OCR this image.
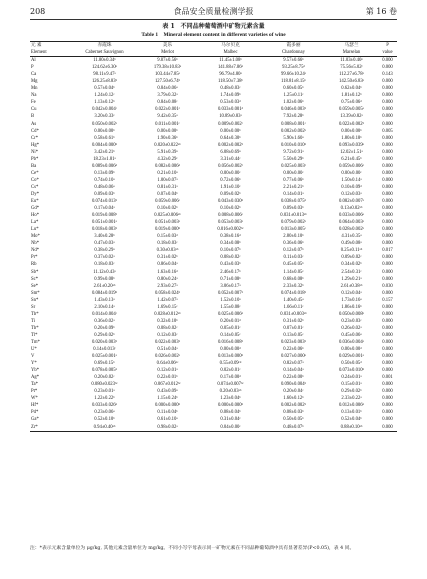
208	食品安全质量检测学报	第 16 卷
表 1　不同品种葡萄酒中矿物元素含量
Table 1　Mineral element content in different varieties of wine
元 素	赤霞珠	美乐	马尔贝克	霞多丽	马瑟兰	P
Element	Cabernet Sauvignon	Merlot	Malbec	Chardonnay	Marselan	value
Al	11.80±0.34ᵇ	9.87±0.56ᵇ	11.45±1.08ᵇ	9.57±0.66ᵇ	11.03±0.46ᵇ	0.000
P	124.62±6.30ᵃ	179.38±10.83ᵃ	141.88±7.86ᵇ	93.25±8.75ᵈ	75.56±5.02ᵉ	0.000
Ca	98.11±9.47ᵃ	103.44±7.85ᵃ	96.79±4.80ᵃ	99.66±10.24ᵃ	112.27±6.78ᵃ	0.143
Mg	126.25±8.83ᵇ	127.50±6.74ᵇ	118.50±7.38ᵇ	118.81±8.15ᵇ	142.50±6.83ᵃ	0.000
Mn	0.57±0.04ᵇ	0.84±0.06ᵃ	0.48±0.03ᶜ	0.60±0.05ᵇ	0.62±0.04ᵇ	0.000
Na	1.24±0.12ᶜ	3.79±0.32ᵃ	1.74±0.09ᵇ	1.25±0.11ᶜ	1.81±0.12ᵇ	0.000
Fe	1.13±0.12ᵇ	0.84±0.08ᶜ	0.53±0.03ᵈ	1.02±0.06ᵇ	0.75±0.06ᵈ	0.000
Cu	0.042±0.004ᶜ	0.022±0.001ᵉ	0.033±0.001ᵈ	0.046±0.003ᵇ	0.059±0.005ᵃ	0.000
B	3.20±0.33ᵉ	9.42±0.35ᵃ	10.89±0.83ᵃ	7.92±0.28ᵇ	13.39±0.82ᵃ	0.000
As	0.050±0.002ᵃ	0.011±0.001ᶜ	0.009±0.002ᶜ	0.008±0.001ᶜ	0.022±0.002ᵇ	0.000
Cd*	0.00±0.00ᵇ	0.00±0.00ᵇ	0.00±0.00ᵇ	0.002±0.002ᵃ	0.00±0.00ᵇ	0.005
Cr*	0.58±0.61ᵇ	1.90±0.36ᵇ	0.64±0.30ᵇ	5.90±1.60ᵃ	1.80±0.18ᵇ	0.000
Hg*	0.004±0.000ᵇ	0.020±0.022ᵃᵇ	0.002±0.002ᵇ	0.010±0.010ᵇ	0.093±0.039ᵃ	0.000
Ni*	3.42±0.21ᵇ	5.91±0.39ᵃ	6.08±0.69ᵃ	9.72±0.91ᵃ	12.02±1.51ᵃ	0.000
Pb*	18.23±1.81ᵃ	4.32±0.29ᶜ	3.31±0.44ᶜ	5.50±0.29ᵇ	6.21±0.45ᵇ	0.000
Ba	0.089±0.006ᵈ	0.082±0.006ᵈ	0.056±0.002ᵉ	0.025±0.003ᵉ	0.059±0.006ᵉ	0.000
Ce*	0.13±0.09ᵇ	0.21±0.10ᵃ	0.00±0.00ᶜ	0.00±0.00ᶜ	0.00±0.00ᶜ	0.000
Co*	0.74±0.10ᵃ	1.00±0.07ᵃ	0.72±0.06ᵇ	0.77±0.06ᵇ	1.50±0.14ᵃ	0.000
Cs*	0.48±0.06ᵃ	0.81±0.31ᵃ	1.91±0.10ᶜ	2.21±0.21ᵇ	0.10±0.09ᵈ	0.000
Dy*	0.09±0.03ᵇ	0.07±0.04ᵇ	0.09±0.02ᵇ	0.14±0.01ᵃ	0.12±0.03ᵃ	0.000
Eu*	0.074±0.013ᵇ	0.059±0.006ᶜ	0.043±0.030ᵇ	0.038±0.075ᵇ	0.082±0.007ᵃ	0.000
Gd*	0.17±0.04ᵃ	0.10±0.02ᵇ	0.10±0.02ᵇ	0.09±0.03ᵇ	0.13±0.02ᵃᵇ	0.000
Ho*	0.019±0.008ᵇ	0.025±0.006ᵃᵇ	0.008±0.006ᶜ	0.031±0.013ᵃᵇ	0.033±0.006ᵃ	0.000
La*	0.051±0.001ᵃ	0.051±0.003ᵃ	0.053±0.003ᵃ	0.079±0.002ᵃ	0.064±0.003ᵃ	0.000
Lu*	0.018±0.003ᵇ	0.019±0.000ᵇ	0.016±0.002ᵇᶜ	0.013±0.005ᶜ	0.028±0.002ᵃ	0.000
Mo*	3.40±0.28ᵇ	0.15±0.03ᵈ	0.38±0.16ᵈ	2.80±0.10ᵇ	4.31±0.35ᵃ	0.000
Nb*	0.47±0.03ᵃ	0.18±0.03ᶜ	0.34±0.08ᵇ	0.36±0.06ᵇ	0.49±0.08ᵃ	0.000
Nd*	0.38±0.29ᵃ	0.30±0.03ᵃᵇ	0.10±0.07ᵇ	0.12±0.07ᵇ	0.25±0.11ᵃᵇ	0.017
Pr*	0.37±0.02ᵃ	0.31±0.02ᵇ	0.08±0.02ᶜ	0.11±0.03ᶜ	0.09±0.02ᶜ	0.000
Rb	0.18±0.03ᶜ	0.86±0.04ᵃ	0.43±0.03ᵇ	0.45±0.05ᵇ	0.34±0.02ᵇ	0.000
Sb*	11.12±0.43ᵃ	1.63±0.16ᵈ	2.46±0.17ᵇ	1.14±0.05ᵉ	2.54±0.31ᶜ	0.000
Sc*	0.99±0.08ᵇ	0.80±0.24ᵃ	0.71±0.08ᵇ	0.68±0.08ᵇ	1.29±0.21ᵃ	0.000
Se*	2.61±0.20ᵃᵇ	2.93±0.27ᵃ	3.06±0.17ᵃ	2.33±0.32ᵇ	2.61±0.38ᵃᵇ	0.030
Sm*	0.084±0.019ᵇ	0.058±0.024ᵇ	0.052±0.007ᵇ	0.074±0.018ᵇ	0.12±0.04ᵃ	0.000
Sn*	1.43±0.13ᵃ	1.42±0.07ᵃ	1.52±0.10ᵃ	1.40±0.45ᵃ	1.73±0.16ᵃ	0.157
Sr	2.10±0.14ᵃ	1.69±0.15ᶜ	1.55±0.08ᶜ	1.66±0.11ᶜ	1.86±0.16ᵇ	0.000
Tb*	0.014±0.004ᶜ	0.028±0.012ᵃᵇ	0.025±0.006ᵇ	0.031±0.003ᵃᵇ	0.050±0.008ᵃ	0.000
Ti	0.36±0.02ᵃ	0.32±0.10ᵇ	0.20±0.01ᵈ	0.31±0.02ᵇ	0.23±0.03ᶜ	0.000
Tb*	0.20±0.09ᵇ	0.08±0.02ᶜ	0.05±0.01ᶜ	0.07±0.01ᶜ	0.26±0.02ᵃ	0.000
Tl*	0.29±0.02ᵇ	0.12±0.03ᶜ	0.14±0.05ᶜ	0.13±0.05ᶜ	0.45±0.06ᵃ	0.000
Tm*	0.020±0.003ᵇ	0.022±0.003ᵇ	0.016±0.008ᵇ	0.023±0.003ᵇ	0.036±0.004ᵃ	0.000
U*	0.14±0.013ᶜ	0.51±0.04ᵃ	0.00±0.00ᵈ	0.22±0.06ᵇ	0.00±0.00ᵈ	0.000
V	0.025±0.001ᵃ	0.026±0.002ᵃ	0.013±0.000ᵇ	0.027±0.000ᵃ	0.029±0.001ᵃ	0.000
Y*	0.69±0.15ᵇ	0.64±0.06ᵇᶜ	0.55±0.09ᶜᵈ	0.82±0.07ᵃ	0.50±0.05ᵈ	0.000
Yb*	0.078±0.005ᵇ	0.12±0.01ᵃ	0.02±0.01ᶜ	0.14±0.04ᵃ	0.073±0.010ᵇ	0.000
Ag*	0.20±0.02ᶜ	0.22±0.01ᵇ	0.17±0.00ᵈ	0.22±0.00ᵇ	0.24±0.01ᵃ	0.001
Ta*	0.080±0.023ᵇᶜ	0.067±0.012ᵇᶜ	0.074±0.007ᵇᶜ	0.090±0.004ᵇ	0.15±0.01ᵃ	0.000
Pt*	0.23±0.01ᵃ	0.43±0.09ᵃ	0.20±0.03ᵃᵇ	0.20±0.04ᶜ	0.29±0.02ᵇ	0.000
W*	1.22±0.22ᵇ	1.15±0.24ᵇ	1.23±0.04ᵇ	1.60±0.12ᵇ	2.33±0.22ᵃ	0.000
Hf*	0.033±0.026ᵇ	0.000±0.000ᵇ	0.000±0.000ᵇ	0.002±0.002ᵇ	0.012±0.006ᵇ	0.000
Pd*	0.23±0.06ᵃ	0.11±0.04ᵇ	0.08±0.04ᵇ	0.08±0.03ᵇ	0.13±0.01ᵇ	0.000
Ga*	0.52±0.10ᵇ	0.61±0.10ᵃ	0.31±0.04ᵉ	0.50±0.05ᵇ	0.52±0.04ᵇ	0.000
Zr*	0.94±0.40ᵃᵇ	0.98±0.02ᵃ	0.04±0.00ᶜ	0.48±0.07ᵇ	0.88±0.10ᵃᵇ	0.000
注：*表示元素含量单位为 μg/kg, 其他元素含量单位为 mg/kg。不同小写字母表示同一矿物元素在不同品种葡萄酒中具有显著差异(P<0.05)，表 4 同。
